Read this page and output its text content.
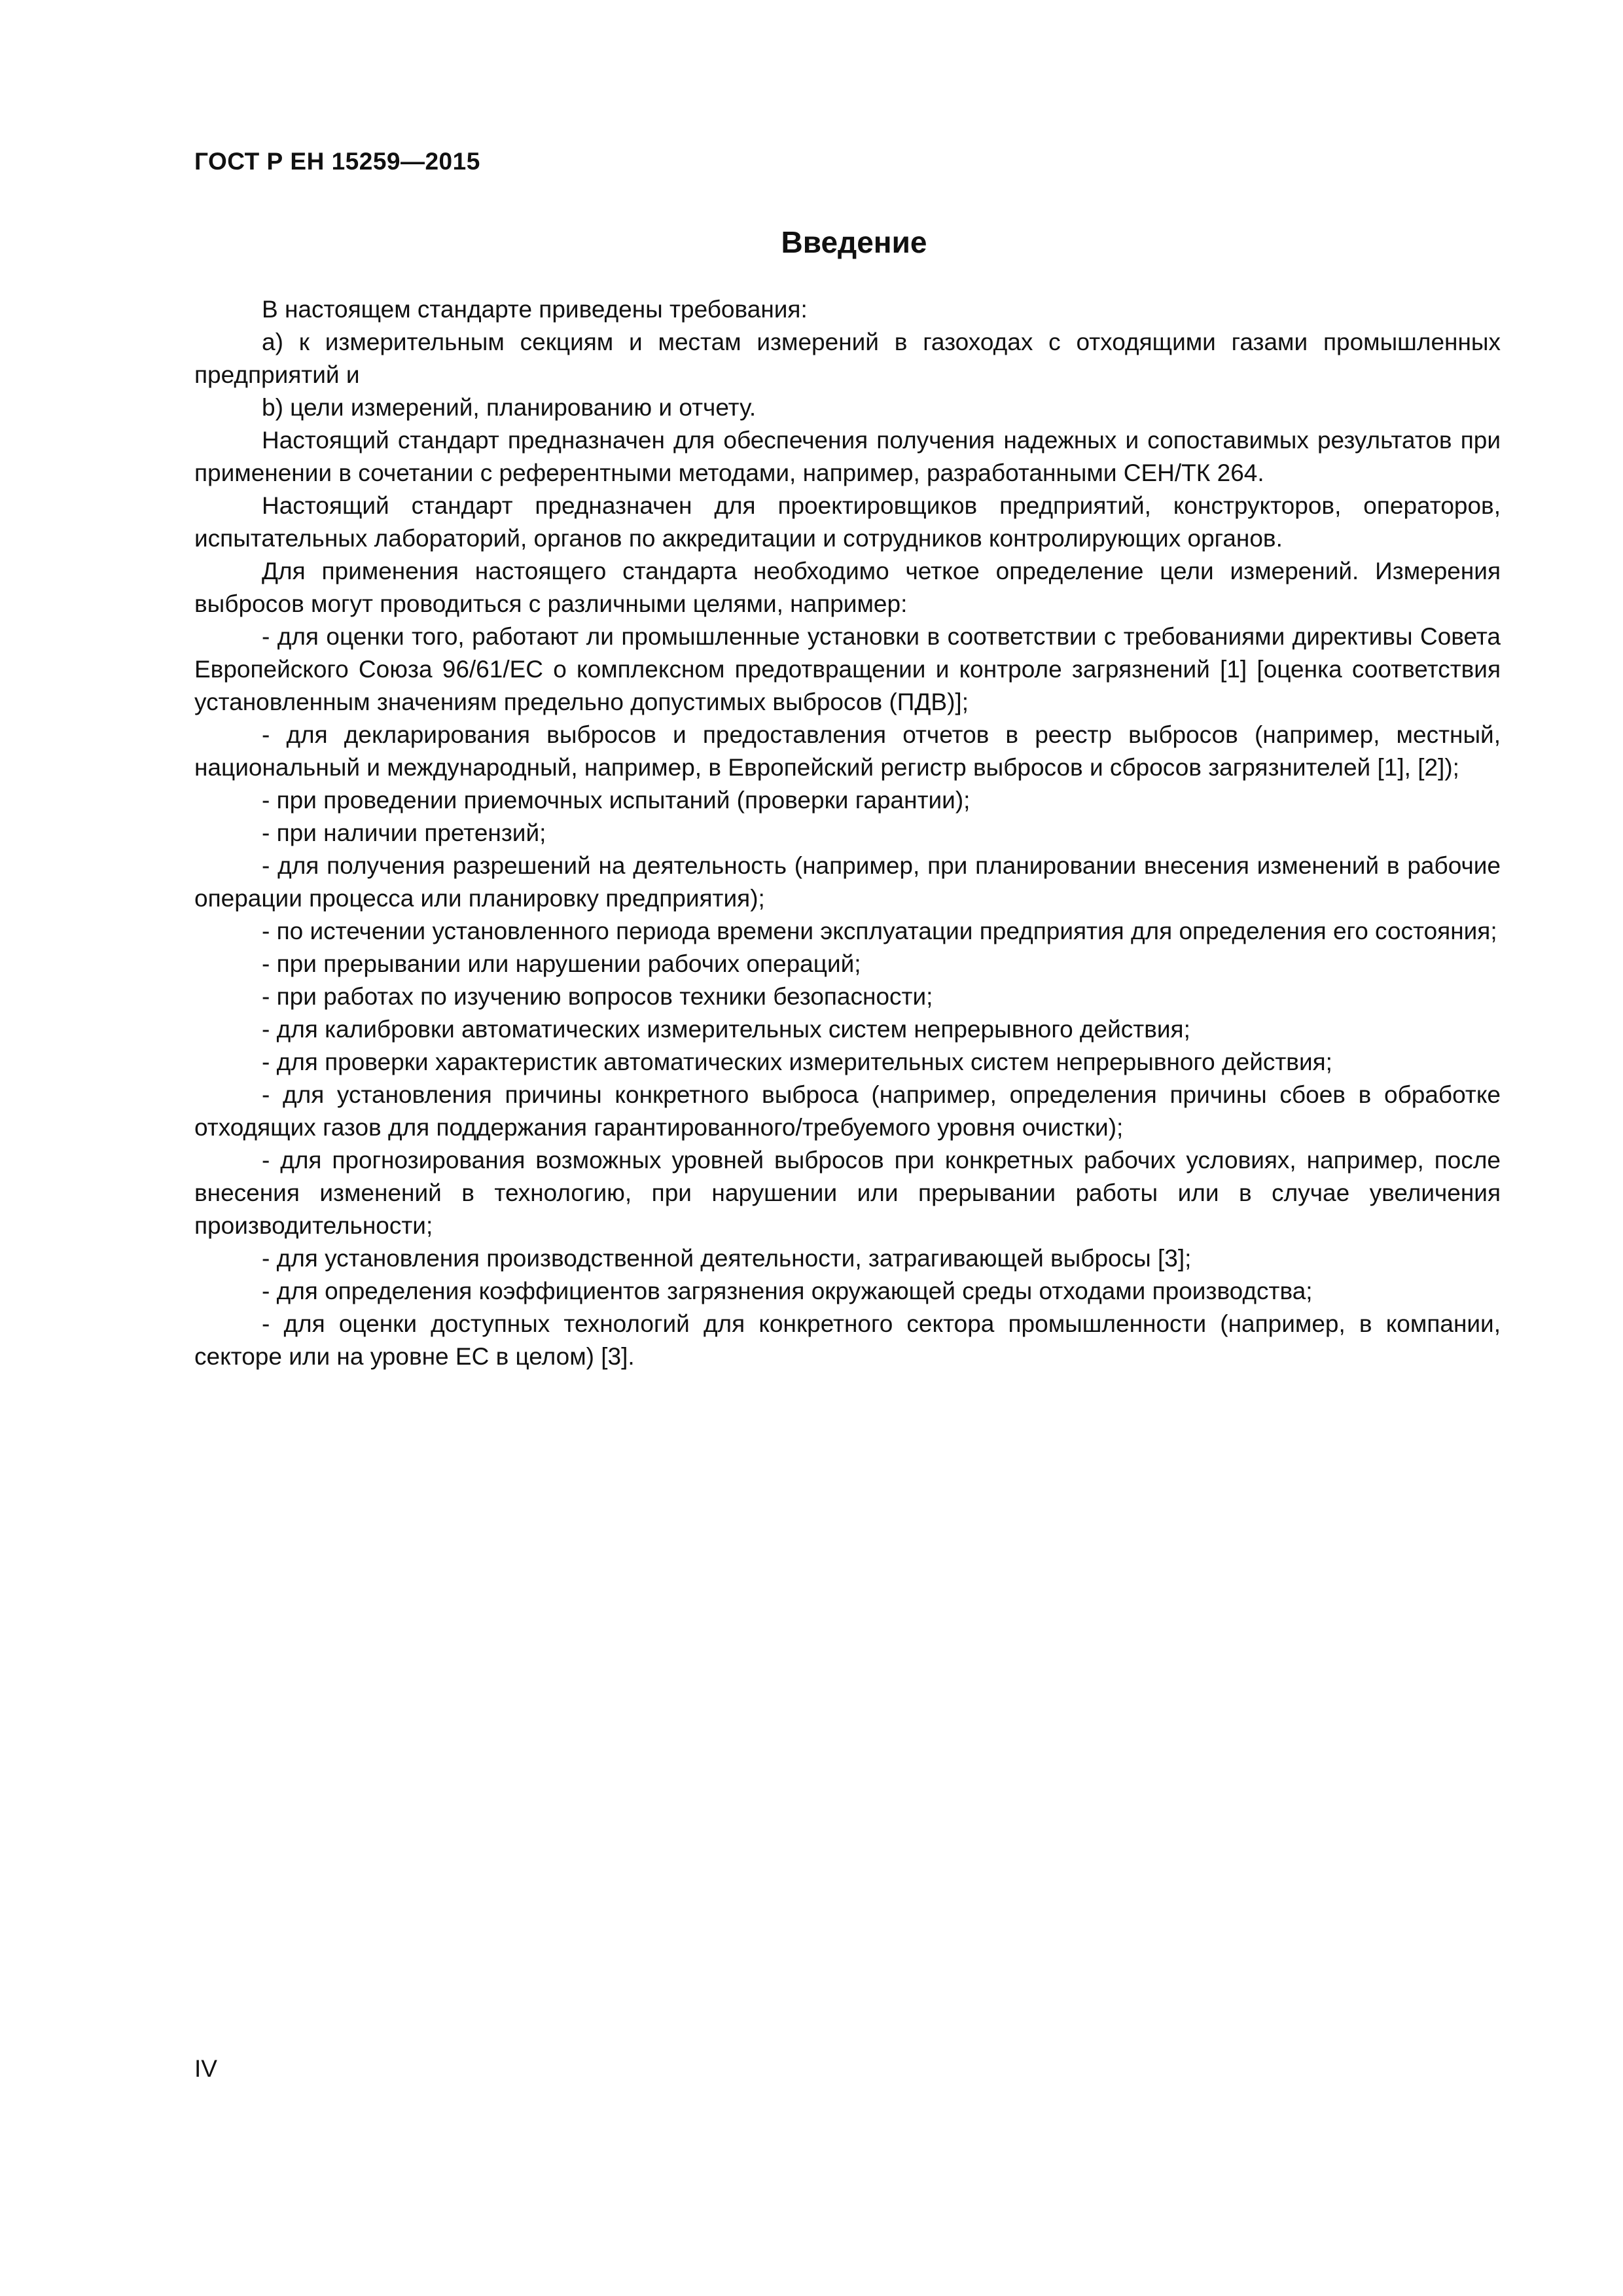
ГОСТ Р ЕН 15259—2015
Введение

В настоящем стандарте приведены требования:

a) к измерительным секциям и местам измерений в газоходах с отходящими газами промышленных предприятий и

b) цели измерений, планированию и отчету.

Настоящий стандарт предназначен для обеспечения получения надежных и сопоставимых результатов при применении в сочетании с референтными методами, например, разработанными СЕН/ТК 264.

Настоящий стандарт предназначен для проектировщиков предприятий, конструкторов, операторов, испытательных лабораторий, органов по аккредитации и сотрудников контролирующих органов.

Для применения настоящего стандарта необходимо четкое определение цели измерений. Измерения выбросов могут проводиться с различными целями, например:

- для оценки того, работают ли промышленные установки в соответствии с требованиями директивы Совета Европейского Союза 96/61/ЕС о комплексном предотвращении и контроле загрязнений [1] [оценка соответствия установленным значениям предельно допустимых выбросов (ПДВ)];

- для декларирования выбросов и предоставления отчетов в реестр выбросов (например, местный, национальный и международный, например, в Европейский регистр выбросов и сбросов загрязнителей [1], [2]);

- при проведении приемочных испытаний (проверки гарантии);

- при наличии претензий;

- для получения разрешений на деятельность (например, при планировании внесения изменений в рабочие операции процесса или планировку предприятия);

- по истечении установленного периода времени эксплуатации предприятия для определения его состояния;

- при прерывании или нарушении рабочих операций;

- при работах по изучению вопросов техники безопасности;

- для калибровки автоматических измерительных систем непрерывного действия;

- для проверки характеристик автоматических измерительных систем непрерывного действия;

- для установления причины конкретного выброса (например, определения причины сбоев в обработке отходящих газов для поддержания гарантированного/требуемого уровня очистки);

- для прогнозирования возможных уровней выбросов при конкретных рабочих условиях, например, после внесения изменений в технологию, при нарушении или прерывании работы или в случае увеличения производительности;

- для установления производственной деятельности, затрагивающей выбросы [3];

- для определения коэффициентов загрязнения окружающей среды отходами производства;

- для оценки доступных технологий для конкретного сектора промышленности (например, в компании, секторе или на уровне ЕС в целом) [3].

IV
